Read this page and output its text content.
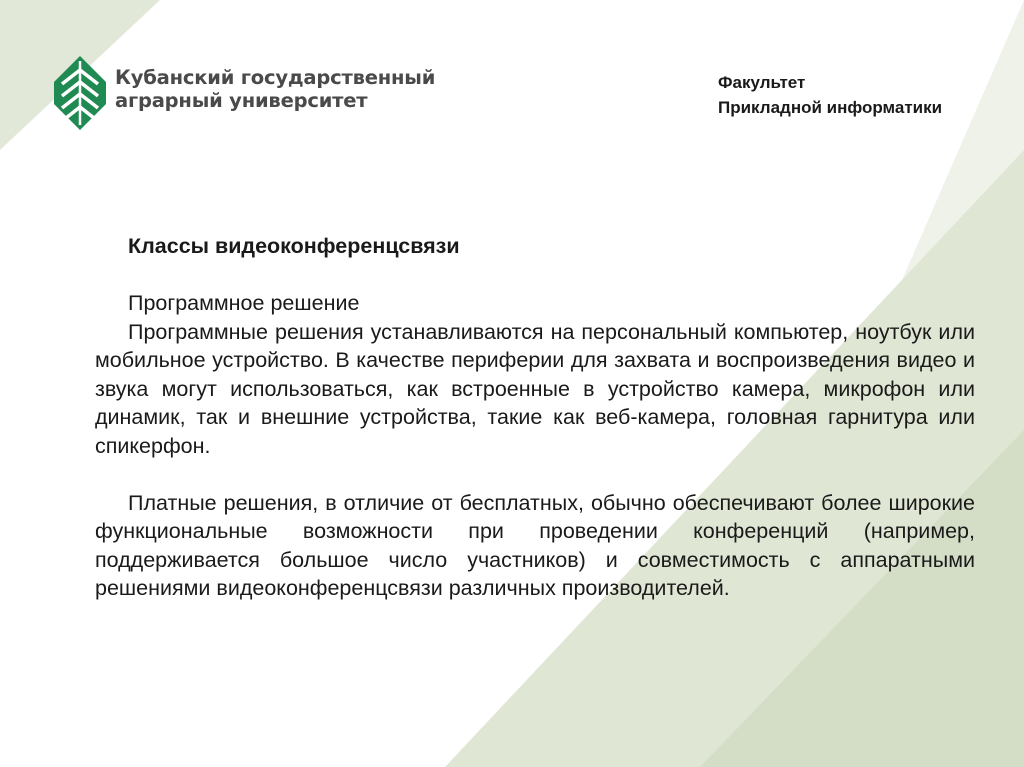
Кубанский государственный
аграрный университет
Факультет
Прикладной информатики
Классы видеоконференцсвязи
Программное решение

Программные решения устанавливаются на персональный компьютер, ноутбук или мобильное устройство. В качестве периферии для захвата и воспроизведения видео и звука могут использоваться, как встроенные в устройство камера, микрофон или динамик, так и внешние устройства, такие как веб-камера, головная гарнитура или спикерфон.

Платные решения, в отличие от бесплатных, обычно обеспечивают более широкие функциональные возможности при проведении конференций (например, поддерживается большое число участников) и совместимость с аппаратными решениями видеоконференцсвязи различных производителей.
